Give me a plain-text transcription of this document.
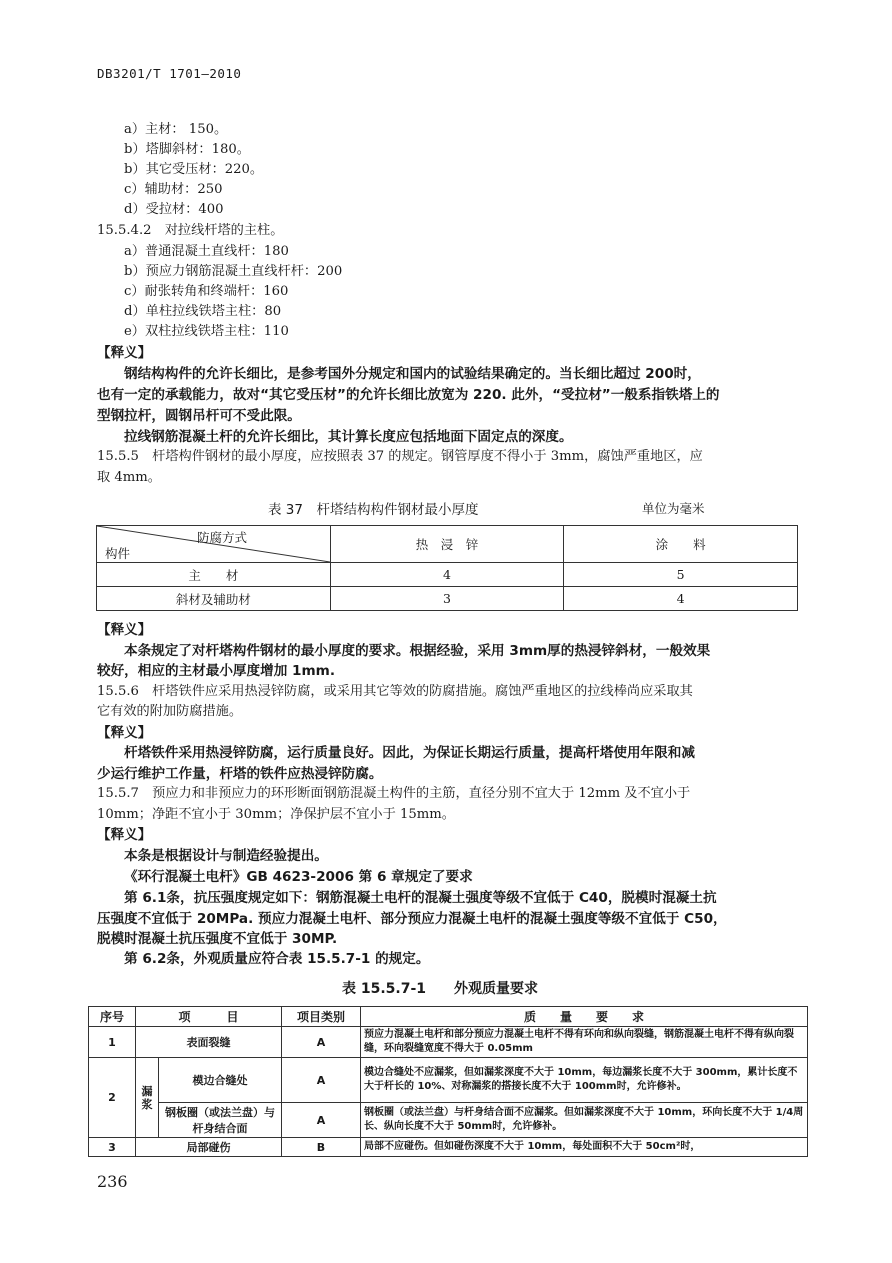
DB3201/T 1701—2010
a）主材： 150。
b）塔脚斜材：180。
b）其它受压材：220。
c）辅助材：250
d）受拉材：400
15.5.4.2　对拉线杆塔的主柱。
a）普通混凝土直线杆：180
b）预应力钢筋混凝土直线杆杆：200
c）耐张转角和终端杆：160
d）单柱拉线铁塔主柱：80
e）双柱拉线铁塔主柱：110
【释义】
钢结构构件的允许长细比，是参考国外分规定和国内的试验结果确定的。当长细比超过 200时，
也有一定的承载能力，故对“其它受压材”的允许长细比放宽为 220. 此外，“受拉材”一般系指铁塔上的
型钢拉杆，圆钢吊杆可不受此限。
拉线钢筋混凝土杆的允许长细比，其计算长度应包括地面下固定点的深度。
15.5.5　杆塔构件钢材的最小厚度，应按照表 37 的规定。钢管厚度不得小于 3mm，腐蚀严重地区，应
取 4mm。
表 37　杆塔结构构件钢材最小厚度	单位为毫米
防腐方式
构件	热　浸　锌	涂　　料
主　　材	4	5
斜材及辅助材	3	4
【释义】
本条规定了对杆塔构件钢材的最小厚度的要求。根据经验，采用 3mm厚的热浸锌斜材，一般效果
较好，相应的主材最小厚度增加 1mm.
15.5.6　杆塔铁件应采用热浸锌防腐，或采用其它等效的防腐措施。腐蚀严重地区的拉线棒尚应采取其
它有效的附加防腐措施。
【释义】
杆塔铁件采用热浸锌防腐，运行质量良好。因此，为保证长期运行质量，提高杆塔使用年限和减
少运行维护工作量，杆塔的铁件应热浸锌防腐。
15.5.7　预应力和非预应力的环形断面钢筋混凝土构件的主筋，直径分别不宜大于 12mm 及不宜小于
10mm；净距不宜小于 30mm；净保护层不宜小于 15mm。
【释义】
本条是根据设计与制造经验提出。
《环行混凝土电杆》GB 4623-2006 第 6 章规定了要求
第 6.1条，抗压强度规定如下：钢筋混凝土电杆的混凝土强度等级不宜低于 C40，脱模时混凝土抗
压强度不宜低于 20MPa. 预应力混凝土电杆、部分预应力混凝土电杆的混凝土强度等级不宜低于 C50，
脱模时混凝土抗压强度不宜低于 30MP.
第 6.2条，外观质量应符合表 15.5.7-1 的规定。
表 15.5.7-1　　外观质量要求
序号	项　　　目		项目类别	质　　量　　要　　求
1	表面裂缝		A	预应力混凝土电杆和部分预应力混凝土电杆不得有环向和纵向裂缝，钢筋混凝土电杆不得有纵向裂缝，环向裂缝宽度不得大于 0.05mm
2	漏浆	模边合缝处	A	模边合缝处不应漏浆，但如漏浆深度不大于 10mm，每边漏浆长度不大于 300mm，累计长度不大于杆长的 10%、对称漏浆的搭接长度不大于 100mm时，允许修补。
		钢板圈（或法兰盘）与杆身结合面	A	钢板圈（或法兰盘）与杆身结合面不应漏浆。但如漏浆深度不大于 10mm，环向长度不大于 1/4周长、纵向长度不大于 50mm时，允许修补。
3	局部碰伤		B	局部不应碰伤。但如碰伤深度不大于 10mm，每处面积不大于 50cm²时，
236
